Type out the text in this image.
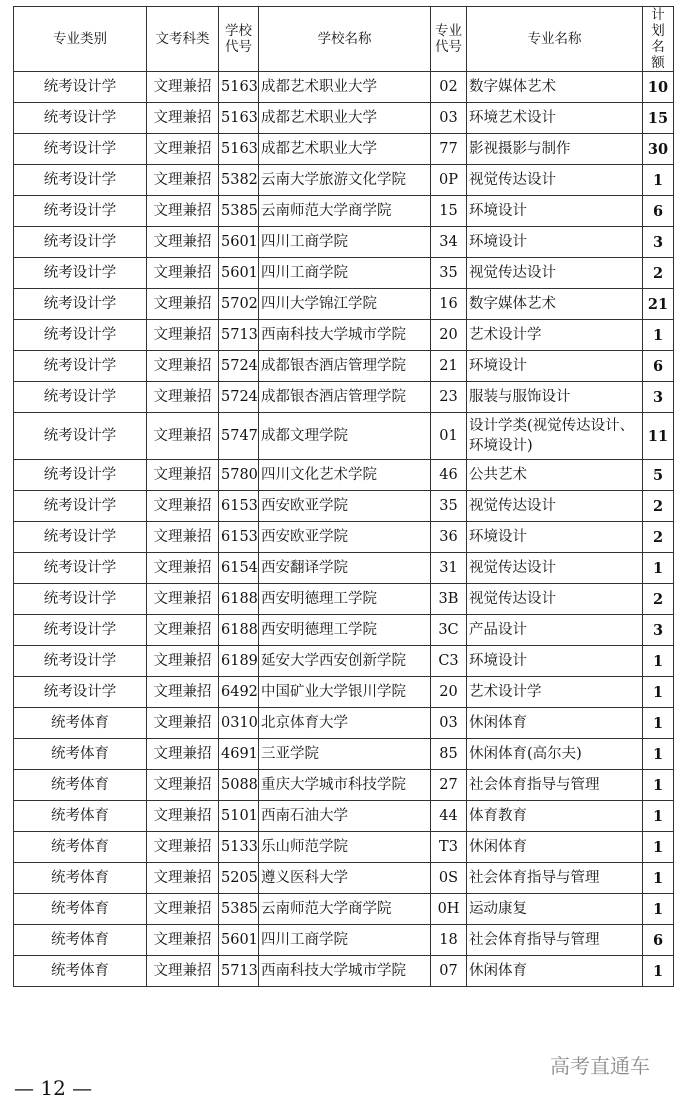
专业类别	文考科类	学校代号	学校名称	专业代号	专业名称	计划名额
统考设计学	文理兼招	5163	成都艺术职业大学	02	数字媒体艺术	10
统考设计学	文理兼招	5163	成都艺术职业大学	03	环境艺术设计	15
统考设计学	文理兼招	5163	成都艺术职业大学	77	影视摄影与制作	30
统考设计学	文理兼招	5382	云南大学旅游文化学院	0P	视觉传达设计	1
统考设计学	文理兼招	5385	云南师范大学商学院	15	环境设计	6
统考设计学	文理兼招	5601	四川工商学院	34	环境设计	3
统考设计学	文理兼招	5601	四川工商学院	35	视觉传达设计	2
统考设计学	文理兼招	5702	四川大学锦江学院	16	数字媒体艺术	21
统考设计学	文理兼招	5713	西南科技大学城市学院	20	艺术设计学	1
统考设计学	文理兼招	5724	成都银杏酒店管理学院	21	环境设计	6
统考设计学	文理兼招	5724	成都银杏酒店管理学院	23	服装与服饰设计	3
统考设计学	文理兼招	5747	成都文理学院	01	设计学类(视觉传达设计、环境设计)	11
统考设计学	文理兼招	5780	四川文化艺术学院	46	公共艺术	5
统考设计学	文理兼招	6153	西安欧亚学院	35	视觉传达设计	2
统考设计学	文理兼招	6153	西安欧亚学院	36	环境设计	2
统考设计学	文理兼招	6154	西安翻译学院	31	视觉传达设计	1
统考设计学	文理兼招	6188	西安明德理工学院	3B	视觉传达设计	2
统考设计学	文理兼招	6188	西安明德理工学院	3C	产品设计	3
统考设计学	文理兼招	6189	延安大学西安创新学院	C3	环境设计	1
统考设计学	文理兼招	6492	中国矿业大学银川学院	20	艺术设计学	1
统考体育	文理兼招	0310	北京体育大学	03	休闲体育	1
统考体育	文理兼招	4691	三亚学院	85	休闲体育(高尔夫)	1
统考体育	文理兼招	5088	重庆大学城市科技学院	27	社会体育指导与管理	1
统考体育	文理兼招	5101	西南石油大学	44	体育教育	1
统考体育	文理兼招	5133	乐山师范学院	T3	休闲体育	1
统考体育	文理兼招	5205	遵义医科大学	0S	社会体育指导与管理	1
统考体育	文理兼招	5385	云南师范大学商学院	0H	运动康复	1
统考体育	文理兼招	5601	四川工商学院	18	社会体育指导与管理	6
统考体育	文理兼招	5713	西南科技大学城市学院	07	休闲体育	1
高考直通车
— 12 —
